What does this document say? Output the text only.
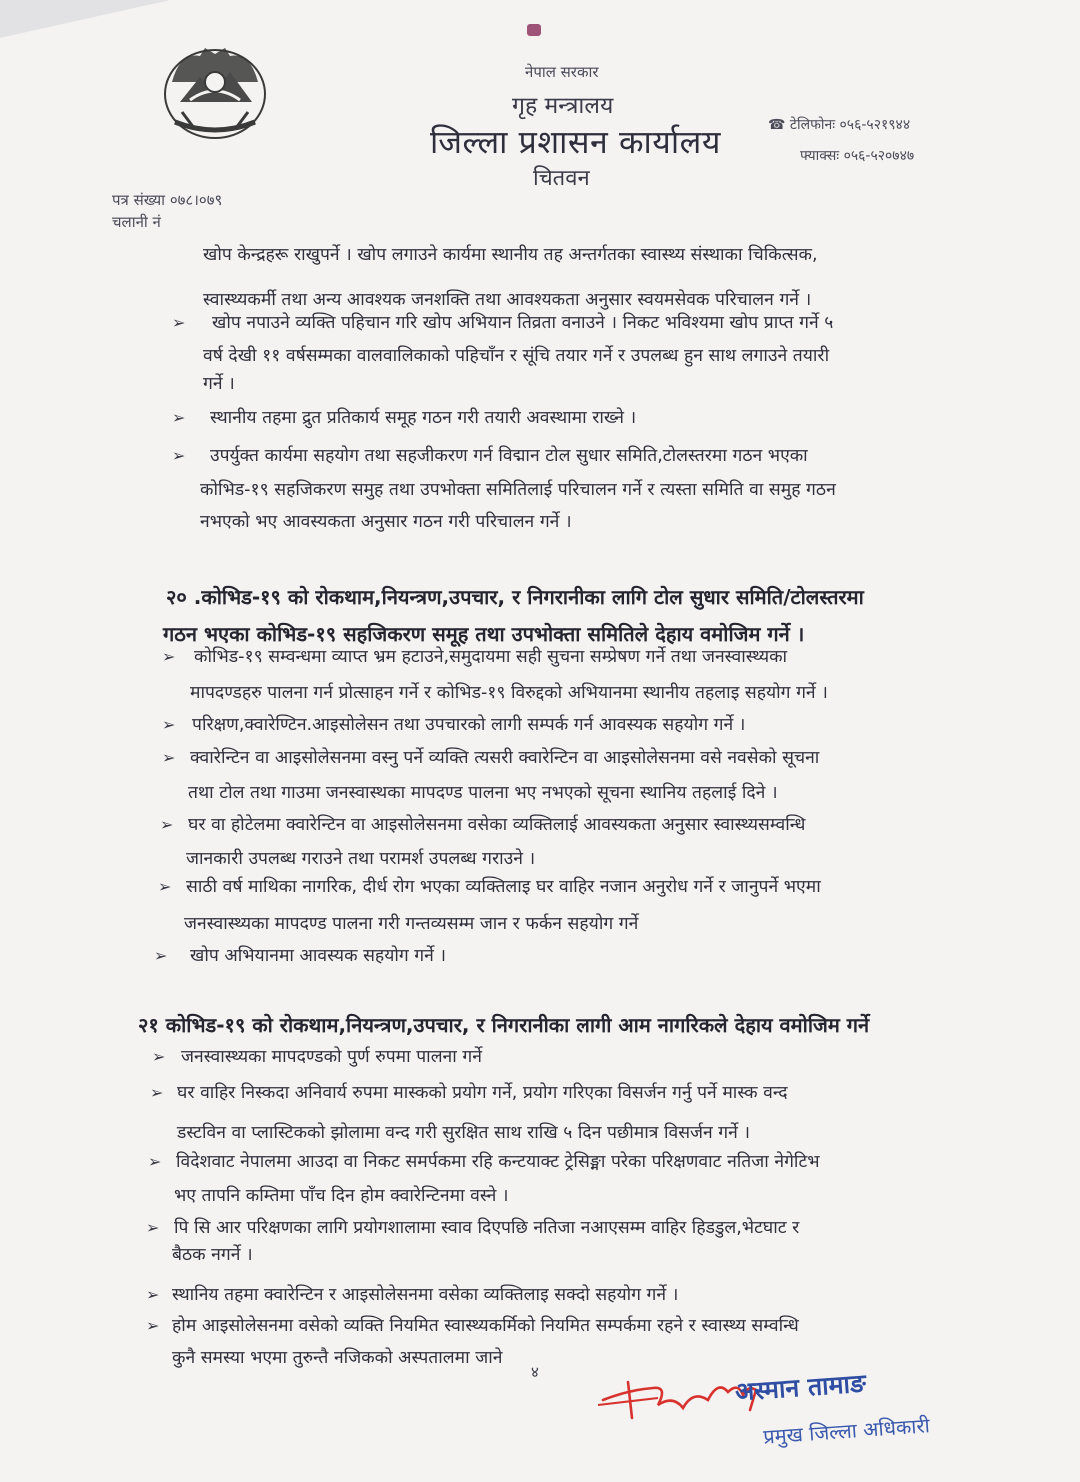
नेपाल सरकार
गृह मन्त्रालय
जिल्ला प्रशासन कार्यालय
चितवन
☎ टेलिफोनः ०५६-५२१९४४
फ्याक्सः ०५६-५२०७४७
पत्र संख्या ०७८।०७९
चलानी नं
खोप केन्द्रहरू राखुपर्ने । खोप लगाउने कार्यमा स्थानीय तह अन्तर्गतका स्वास्थ्य संस्थाका चिकित्सक,
स्वास्थ्यकर्मी तथा अन्य आवश्यक जनशक्ति तथा आवश्यकता अनुसार स्वयमसेवक परिचालन गर्ने ।
➢ खोप नपाउने व्यक्ति पहिचान गरि खोप अभियान तिव्रता वनाउने । निकट भविश्यमा खोप प्राप्त गर्ने ५
वर्ष देखी ११ वर्षसम्मका वालवालिकाको पहिचाँन र सूंचि तयार गर्ने र उपलब्ध हुन साथ लगाउने तयारी
गर्ने ।
➢ स्थानीय तहमा द्रुत प्रतिकार्य समूह गठन गरी तयारी अवस्थामा राख्ने ।
➢ उपर्युक्त कार्यमा सहयोग तथा सहजीकरण गर्न विद्मान टोल सुधार समिति,टोलस्तरमा गठन भएका
कोभिड-१९ सहजिकरण समुह तथा उपभोक्ता समितिलाई परिचालन गर्ने र त्यस्ता समिति वा समुह गठन
नभएको भए आवस्यकता अनुसार गठन गरी परिचालन गर्ने ।
२० .कोभिड-१९ को रोकथाम,नियन्त्रण,उपचार, र निगरानीका लागि टोल सुधार समिति/टोलस्तरमा
गठन भएका कोभिड-१९ सहजिकरण समूह तथा उपभोक्ता समितिले देहाय वमोजिम गर्ने ।
➢ कोभिड-१९ सम्वन्धमा व्याप्त भ्रम हटाउने,समुदायमा सही सुचना सम्प्रेषण गर्ने तथा जनस्वास्थ्यका
मापदण्डहरु पालना गर्न प्रोत्साहन गर्ने र कोभिड-१९ विरुद्दको अभियानमा स्थानीय तहलाइ सहयोग गर्ने ।
➢ परिक्षण,क्वारेण्टिन.आइसोलेसन तथा उपचारको लागी सम्पर्क गर्न आवस्यक सहयोग गर्ने ।
➢ क्वारेन्टिन वा आइसोलेसनमा वस्नु पर्ने व्यक्ति त्यसरी क्वारेन्टिन वा आइसोलेसनमा वसे नवसेको सूचना
तथा टोल तथा गाउमा जनस्वास्थका मापदण्ड पालना भए नभएको सूचना स्थानिय तहलाई दिने ।
➢ घर वा होटेलमा क्वारेन्टिन वा आइसोलेसनमा वसेका व्यक्तिलाई आवस्यकता अनुसार स्वास्थ्यसम्वन्धि
जानकारी उपलब्ध गराउने तथा परामर्श उपलब्ध गराउने ।
➢ साठी वर्ष माथिका नागरिक, दीर्ध रोग भएका व्यक्तिलाइ घर वाहिर नजान अनुरोध गर्ने र जानुपर्ने भएमा
जनस्वास्थ्यका मापदण्ड पालना गरी गन्तव्यसम्म जान र फर्कन सहयोग गर्ने
➢ खोप अभियानमा आवस्यक सहयोग गर्ने ।
२१ कोभिड-१९ को रोकथाम,नियन्त्रण,उपचार, र निगरानीका लागी आम नागरिकले देहाय वमोजिम गर्ने
➢ जनस्वास्थ्यका मापदण्डको पुर्ण रुपमा पालना गर्ने
➢ घर वाहिर निस्कदा अनिवार्य रुपमा मास्कको प्रयोग गर्ने, प्रयोग गरिएका विसर्जन गर्नु पर्ने मास्क वन्द
डस्टविन वा प्लास्टिकको झोलामा वन्द गरी सुरक्षित साथ राखि ५ दिन पछीमात्र विसर्जन गर्ने ।
➢ विदेशवाट नेपालमा आउदा वा निकट समर्पकमा रहि कन्टयाक्ट ट्रेसिङ्मा परेका परिक्षणवाट नतिजा नेगेटिभ
भए तापनि कम्तिमा पाँच दिन होम क्वारेन्टिनमा वस्ने ।
➢ पि सि आर परिक्षणका लागि प्रयोगशालामा स्वाव दिएपछि नतिजा नआएसम्म वाहिर हिडडुल,भेटघाट र
बैठक नगर्ने ।
➢ स्थानिय तहमा क्वारेन्टिन र आइसोलेसनमा वसेका व्यक्तिलाइ सक्दो सहयोग गर्ने ।
➢ होम आइसोलेसनमा वसेको व्यक्ति नियमित स्वास्थ्यकर्मिको नियमित सम्पर्कमा रहने र स्वास्थ्य सम्वन्धि
कुनै समस्या भएमा तुरुन्तै नजिकको अस्पतालमा जाने
४	अस्मान तामाङ
प्रमुख जिल्ला अधिकारी
